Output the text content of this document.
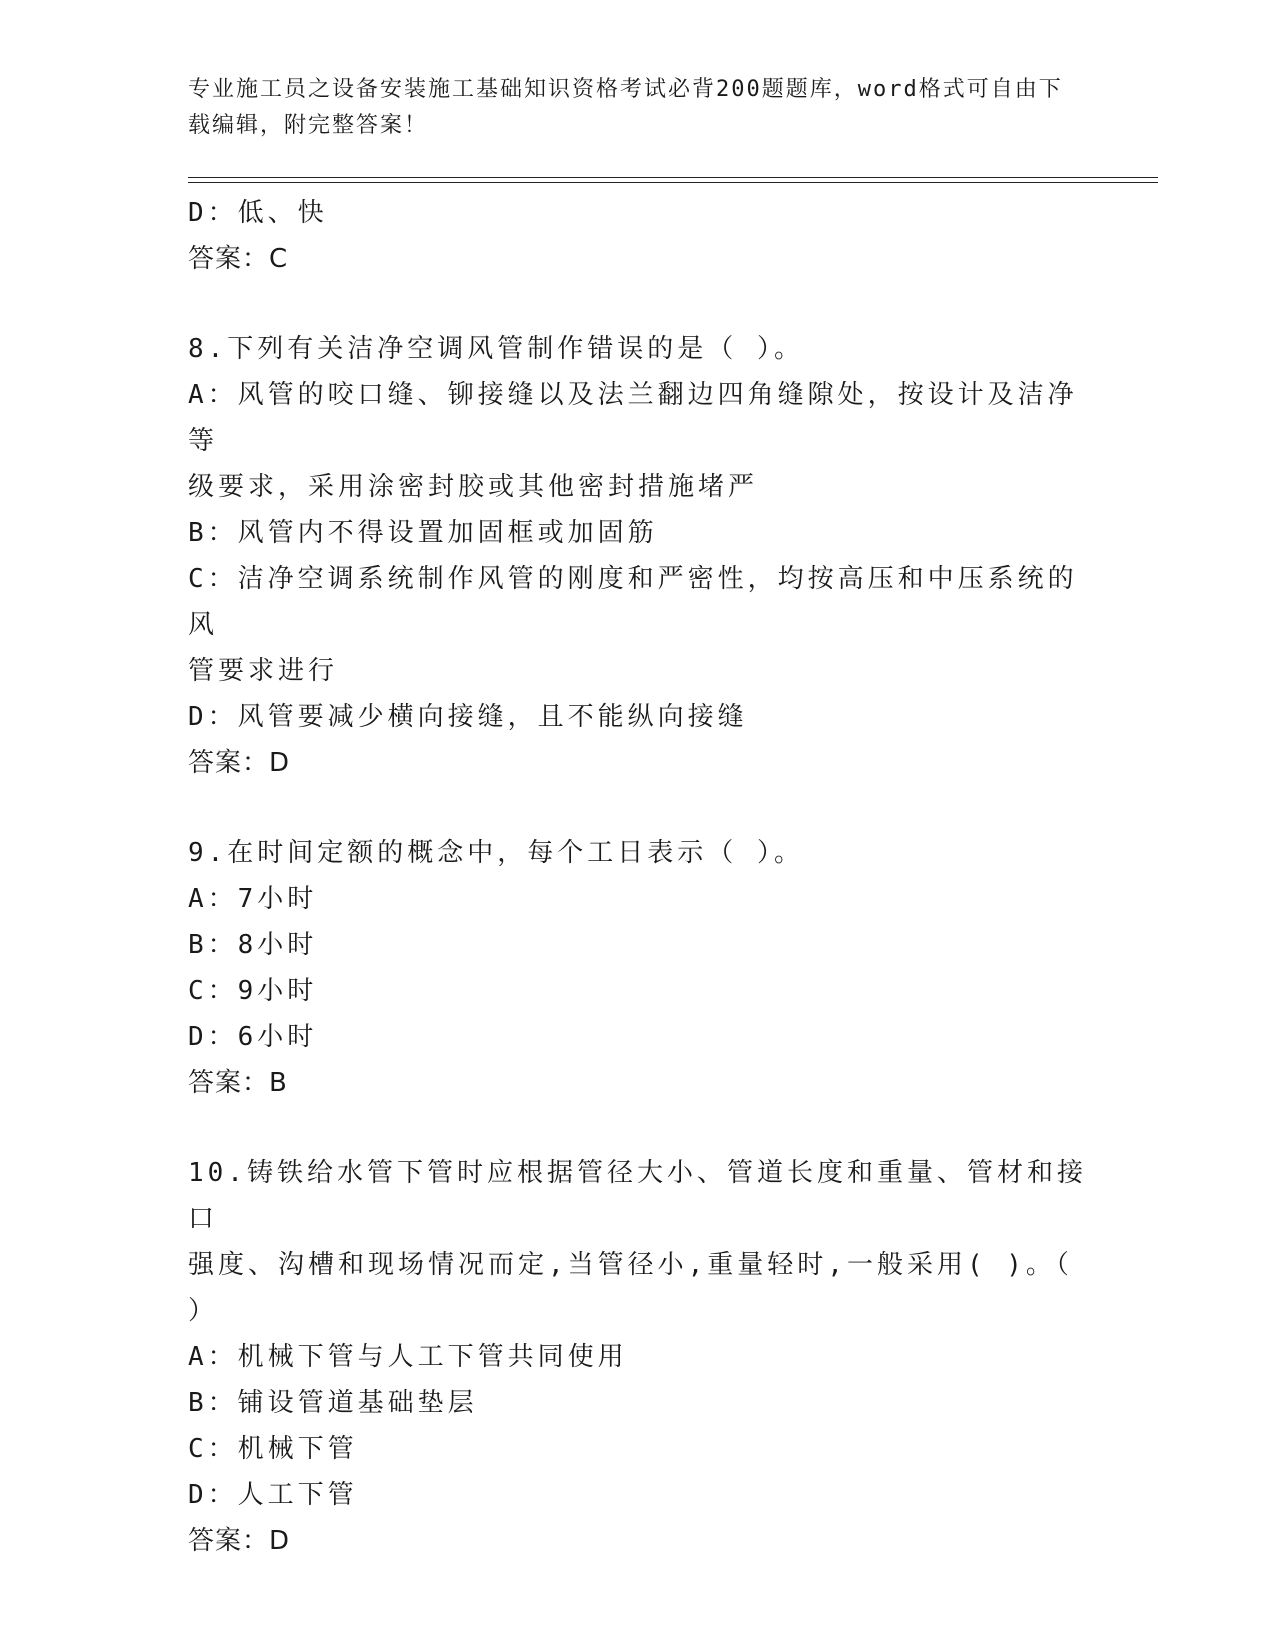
专业施工员之设备安装施工基础知识资格考试必背200题题库，word格式可自由下载编辑，附完整答案！
D：低、快
答案：C
8.下列有关洁净空调风管制作错误的是（ ）。
A：风管的咬口缝、铆接缝以及法兰翻边四角缝隙处，按设计及洁净等
级要求，采用涂密封胶或其他密封措施堵严
B：风管内不得设置加固框或加固筋
C：洁净空调系统制作风管的刚度和严密性，均按高压和中压系统的风
管要求进行
D：风管要减少横向接缝，且不能纵向接缝
答案：D
9.在时间定额的概念中，每个工日表示（ ）。
A：7小时
B：8小时
C：9小时
D：6小时
答案：B
10.铸铁给水管下管时应根据管径大小、管道长度和重量、管材和接口
强度、沟槽和现场情况而定,当管径小,重量轻时,一般采用( )。（
）
A：机械下管与人工下管共同使用
B：铺设管道基础垫层
C：机械下管
D：人工下管
答案：D
